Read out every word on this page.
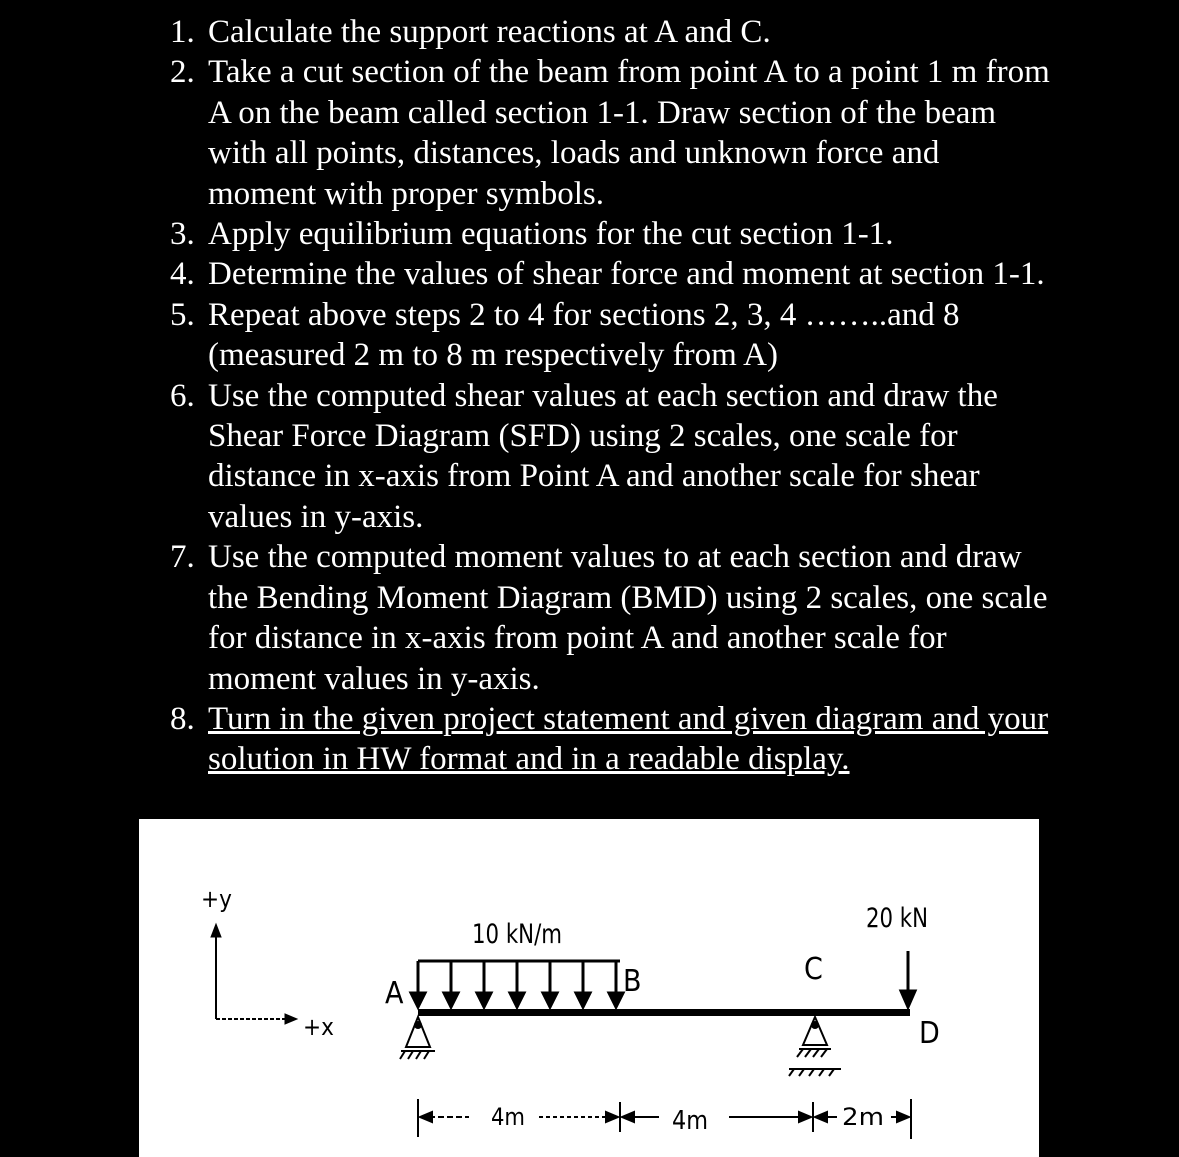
1. Calculate the support reactions at A and C.
2. Take a cut section of the beam from point A to a point 1 m from A on the beam called section 1-1. Draw section of the beam with all points, distances, loads and unknown force and moment with proper symbols.
3. Apply equilibrium equations for the cut section 1-1.
4. Determine the values of shear force and moment at section 1-1.
5. Repeat above steps 2 to 4 for sections 2, 3, 4 ……..and 8 (measured 2 m to 8 m respectively from A)
6. Use the computed shear values at each section and draw the Shear Force Diagram (SFD) using 2 scales, one scale for distance in x-axis from Point A and another scale for shear values in y-axis.
7. Use the computed moment values to at each section and draw the Bending Moment Diagram (BMD) using 2 scales, one scale for distance in x-axis from point A and another scale for moment values in y-axis.
8. Turn in the given project statement and given diagram and your solution in HW format and in a readable display.
+y
+x
10 kN/m
20 kN
A	B	C
D
4m	4m	2m
